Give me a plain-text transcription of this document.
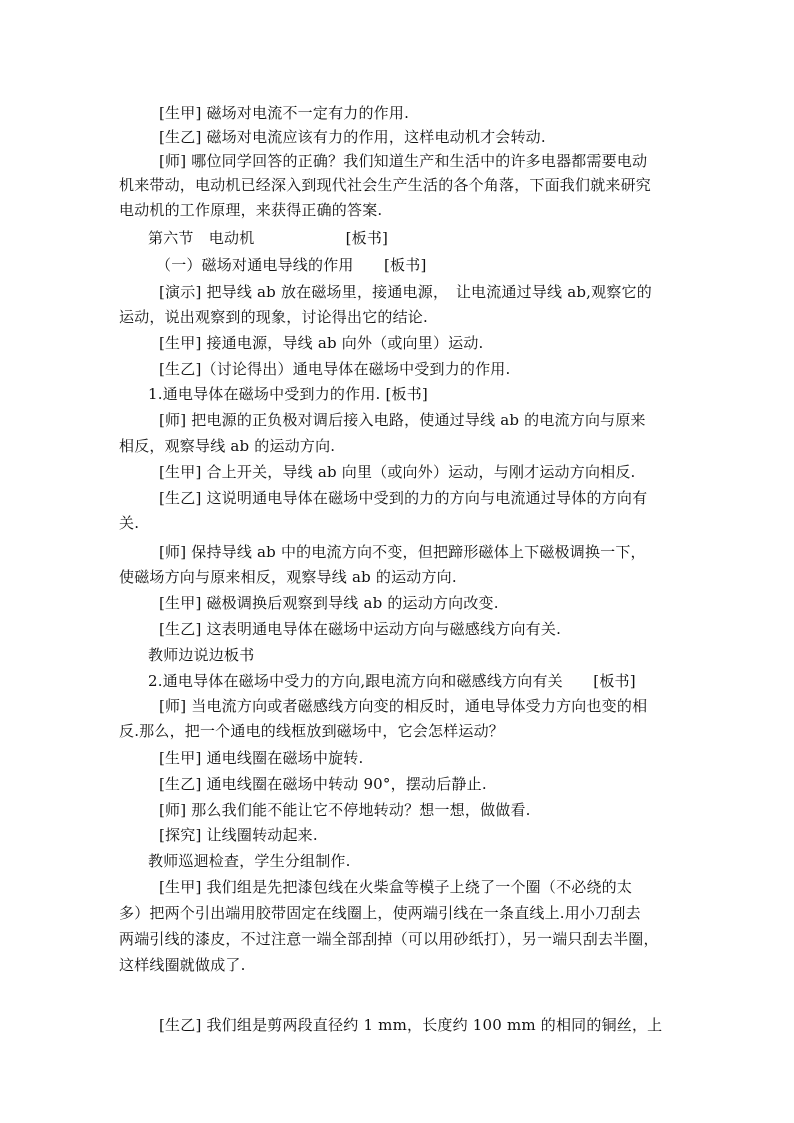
[生甲] 磁场对电流不一定有力的作用.
[生乙] 磁场对电流应该有力的作用，这样电动机才会转动.
[师] 哪位同学回答的正确？我们知道生产和生活中的许多电器都需要电动
机来带动，电动机已经深入到现代社会生产生活的各个角落，下面我们就来研究
电动机的工作原理，来获得正确的答案.
第六节　电动机　　　　　　[板书]
（一）磁场对通电导线的作用　　[板书]
[演示] 把导线 ab 放在磁场里，接通电源，　让电流通过导线 ab,观察它的
运动，说出观察到的现象，讨论得出它的结论.
[生甲] 接通电源，导线 ab 向外（或向里）运动.
[生乙]（讨论得出）通电导体在磁场中受到力的作用.
1.通电导体在磁场中受到力的作用. [板书]
[师] 把电源的正负极对调后接入电路，使通过导线 ab 的电流方向与原来
相反，观察导线 ab 的运动方向.
[生甲] 合上开关，导线 ab 向里（或向外）运动，与刚才运动方向相反.
[生乙] 这说明通电导体在磁场中受到的力的方向与电流通过导体的方向有
关.
[师] 保持导线 ab 中的电流方向不变，但把蹄形磁体上下磁极调换一下，
使磁场方向与原来相反，观察导线 ab 的运动方向.
[生甲] 磁极调换后观察到导线 ab 的运动方向改变.
[生乙] 这表明通电导体在磁场中运动方向与磁感线方向有关.
教师边说边板书
2.通电导体在磁场中受力的方向,跟电流方向和磁感线方向有关　　[板书]
[师] 当电流方向或者磁感线方向变的相反时，通电导体受力方向也变的相
反.那么，把一个通电的线框放到磁场中，它会怎样运动？
[生甲] 通电线圈在磁场中旋转.
[生乙] 通电线圈在磁场中转动 90°，摆动后静止.
[师] 那么我们能不能让它不停地转动？想一想，做做看.
[探究] 让线圈转动起来.
教师巡迴检查，学生分组制作.
[生甲] 我们组是先把漆包线在火柴盒等模子上绕了一个圈（不必绕的太
多）把两个引出端用胶带固定在线圈上，使两端引线在一条直线上.用小刀刮去
两端引线的漆皮，不过注意一端全部刮掉（可以用砂纸打），另一端只刮去半圈，
这样线圈就做成了.
[生乙] 我们组是剪两段直径约 1 mm，长度约 100 mm 的相同的铜丝，上
